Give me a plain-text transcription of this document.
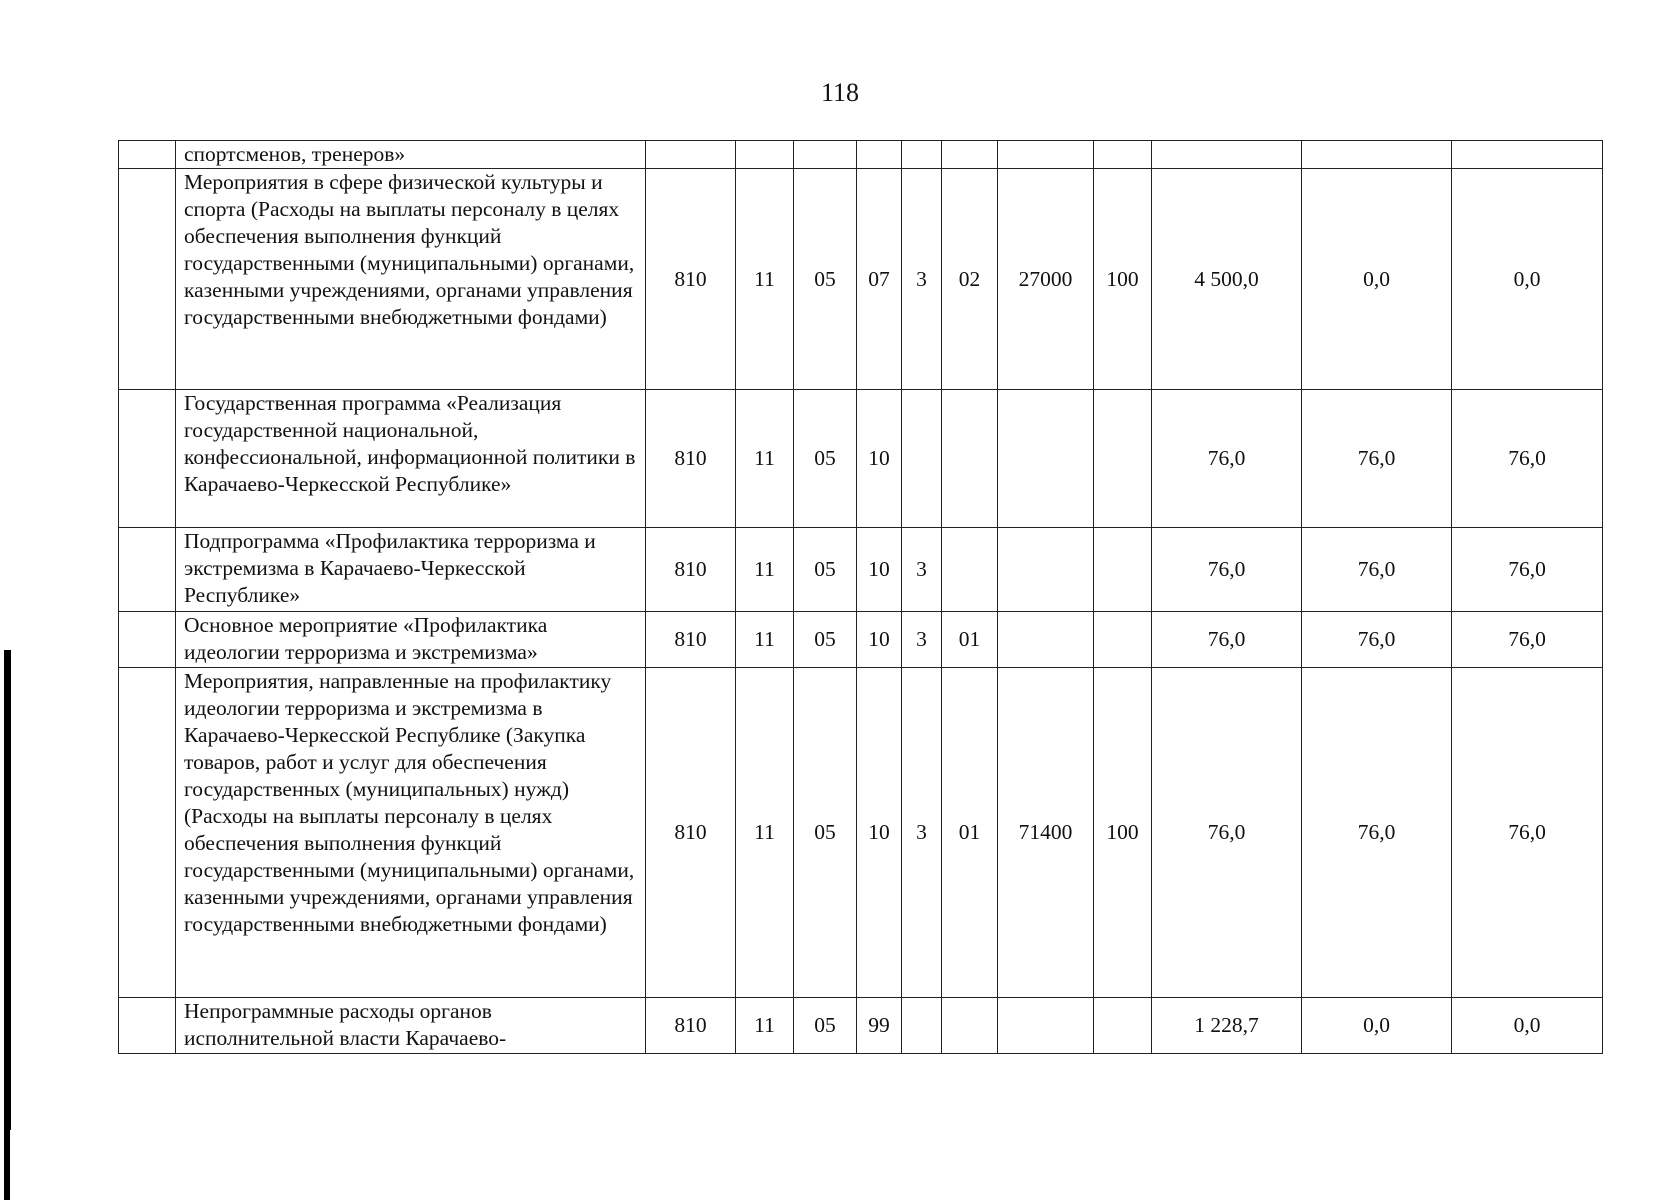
118
	спортсменов, тренеров»											
	Мероприятия в сфере физической культуры и спорта (Расходы на выплаты персоналу в целях обеспечения выполнения функций государственными (муниципальными) органами, казенными учреждениями, органами управления государственными внебюджетными фондами)	810	11	05	07	3	02	27000	100	4 500,0	0,0	0,0
	Государственная программа «Реализация государственной национальной, конфессиональной, информационной политики в Карачаево-Черкесской Республике»	810	11	05	10					76,0	76,0	76,0
	Подпрограмма «Профилактика терроризма и экстремизма в Карачаево-Черкесской Республике»	810	11	05	10	3				76,0	76,0	76,0
	Основное мероприятие «Профилактика идеологии терроризма и экстремизма»	810	11	05	10	3	01			76,0	76,0	76,0
	Мероприятия, направленные на профилактику идеологии терроризма и экстремизма в Карачаево-Черкесской Республике (Закупка товаров, работ и услуг для обеспечения государственных (муниципальных) нужд) (Расходы на выплаты персоналу в целях обеспечения выполнения функций государственными (муниципальными) органами, казенными учреждениями, органами управления государственными внебюджетными фондами)	810	11	05	10	3	01	71400	100	76,0	76,0	76,0
	Непрограммные расходы органов исполнительной власти Карачаево-	810	11	05	99					1 228,7	0,0	0,0
